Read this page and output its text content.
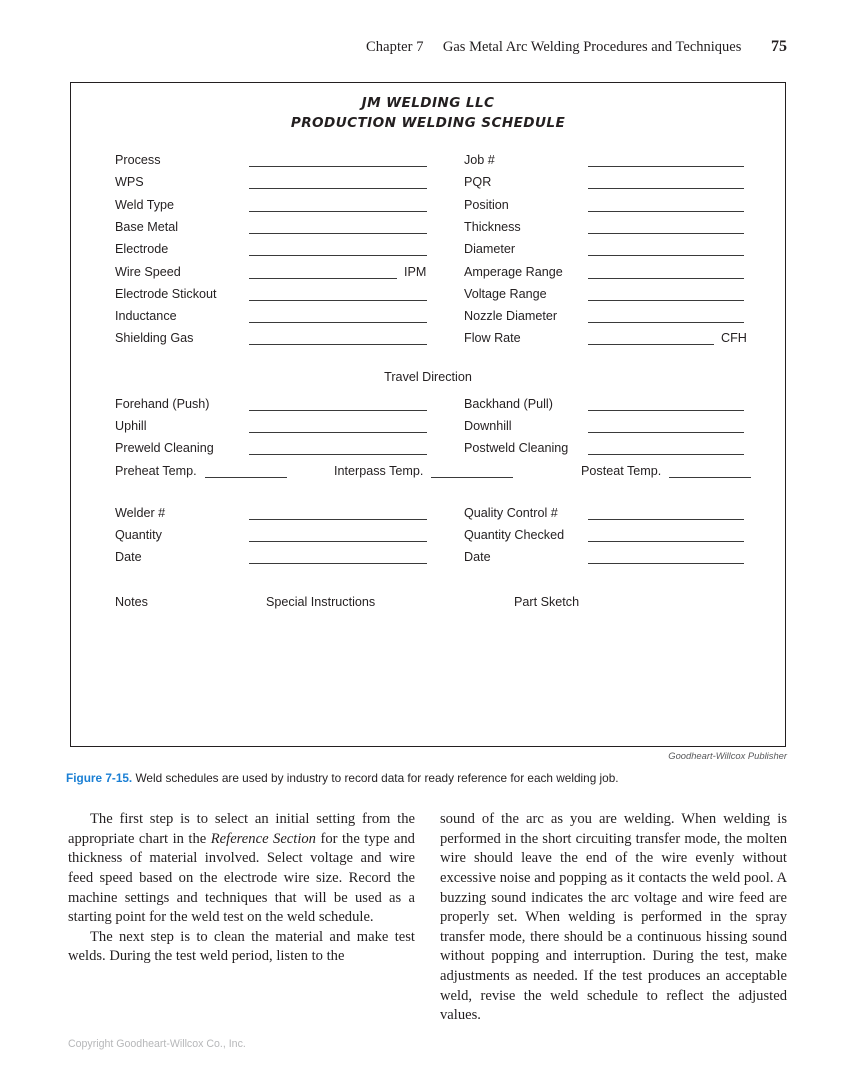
Chapter 7 Gas Metal Arc Welding Procedures and Techniques 75
JM WELDING LLC
PRODUCTION WELDING SCHEDULE
Process	Job #
WPS	PQR
Weld Type	Position
Base Metal	Thickness
Electrode	Diameter
Wire Speed	IPM	Amperage Range
Electrode Stickout	Voltage Range
Inductance	Nozzle Diameter
Shielding Gas	Flow Rate	CFH
Travel Direction
Forehand (Push)	Backhand (Pull)
Uphill	Downhill
Preweld Cleaning	Postweld Cleaning
Preheat Temp.	Interpass Temp.	Posteat Temp.
Welder #	Quality Control #
Quantity	Quantity Checked
Date	Date
Notes	Special Instructions	Part Sketch
Goodheart-Willcox Publisher
Figure 7-15. Weld schedules are used by industry to record data for ready reference for each welding job.

The first step is to select an initial setting from the appropriate chart in the Reference Section for the type and thickness of material involved. Select voltage and wire feed speed based on the electrode wire size. Record the machine settings and techniques that will be used as a starting point for the weld test on the weld schedule.

The next step is to clean the material and make test welds. During the test weld period, listen to the

sound of the arc as you are welding. When welding is performed in the short circuiting transfer mode, the molten wire should leave the end of the wire evenly without excessive noise and popping as it contacts the weld pool. A buzzing sound indicates the arc voltage and wire feed are properly set. When welding is performed in the spray transfer mode, there should be a continuous hissing sound without popping and interruption. During the test, make adjustments as needed. If the test produces an acceptable weld, revise the weld schedule to reflect the adjusted values.

Copyright Goodheart-Willcox Co., Inc.
